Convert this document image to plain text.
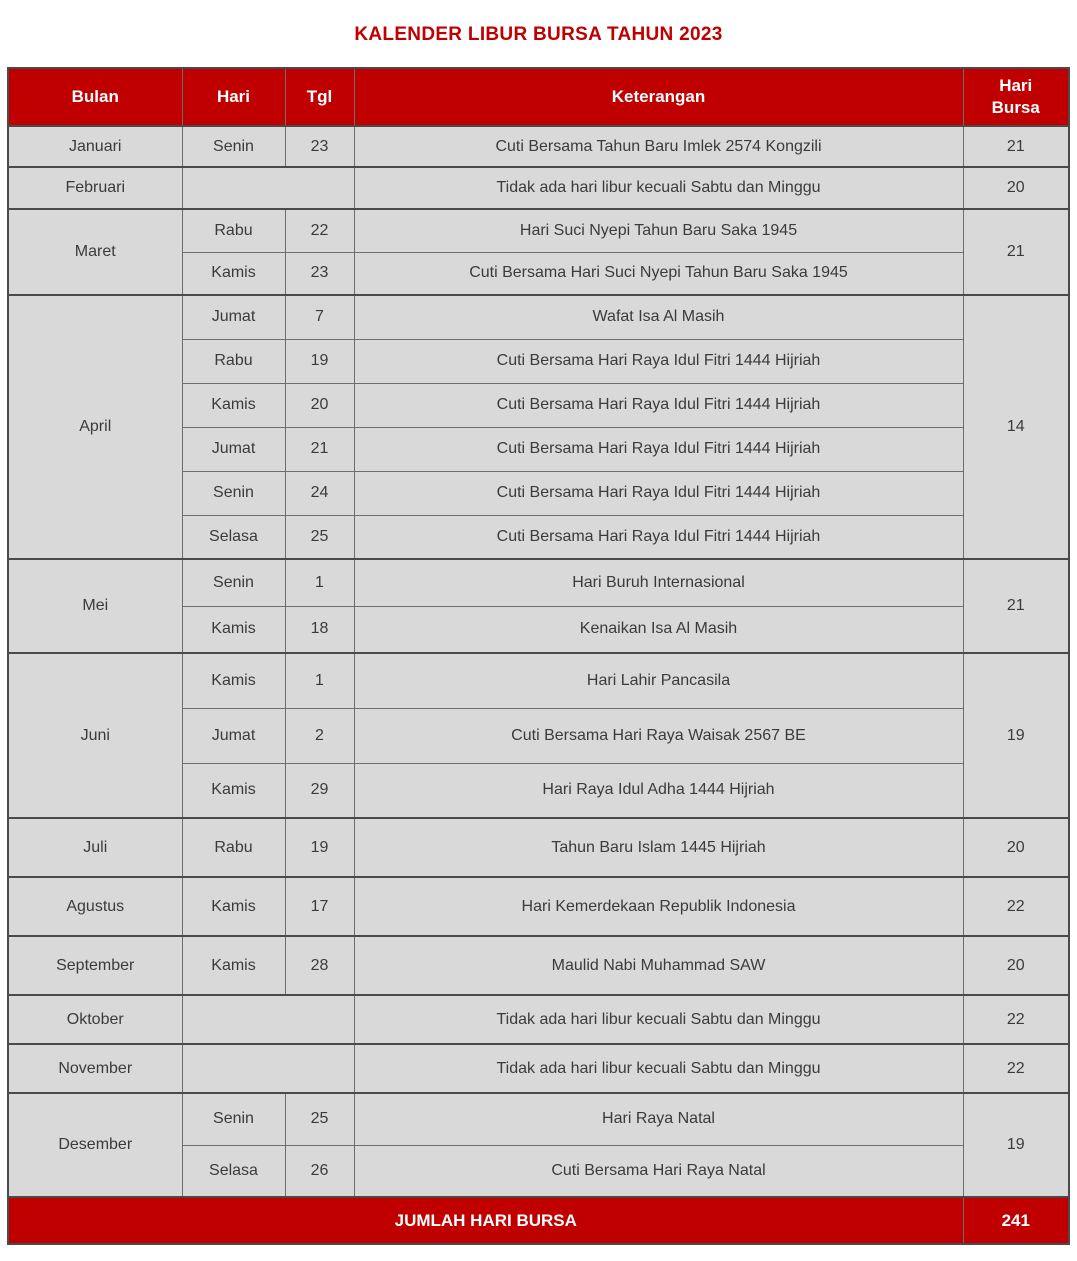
KALENDER LIBUR BURSA TAHUN 2023
Bulan	Hari	Tgl	Keterangan	Hari Bursa
Januari	Senin	23	Cuti Bersama Tahun Baru Imlek 2574 Kongzili	21
Februari			Tidak ada hari libur kecuali Sabtu dan Minggu	20
Maret	Rabu	22	Hari Suci Nyepi Tahun Baru Saka 1945	21
	Kamis	23	Cuti Bersama Hari Suci Nyepi Tahun Baru Saka 1945	
April	Jumat	7	Wafat Isa Al Masih	14
	Rabu	19	Cuti Bersama Hari Raya Idul Fitri 1444 Hijriah	
	Kamis	20	Cuti Bersama Hari Raya Idul Fitri 1444 Hijriah	
	Jumat	21	Cuti Bersama Hari Raya Idul Fitri 1444 Hijriah	
	Senin	24	Cuti Bersama Hari Raya Idul Fitri 1444 Hijriah	
	Selasa	25	Cuti Bersama Hari Raya Idul Fitri 1444 Hijriah	
Mei	Senin	1	Hari Buruh Internasional	21
	Kamis	18	Kenaikan Isa Al Masih	
Juni	Kamis	1	Hari Lahir Pancasila	19
	Jumat	2	Cuti Bersama Hari Raya Waisak 2567 BE	
	Kamis	29	Hari Raya Idul Adha 1444 Hijriah	
Juli	Rabu	19	Tahun Baru Islam 1445 Hijriah	20
Agustus	Kamis	17	Hari Kemerdekaan Republik Indonesia	22
September	Kamis	28	Maulid Nabi Muhammad SAW	20
Oktober			Tidak ada hari libur kecuali Sabtu dan Minggu	22
November			Tidak ada hari libur kecuali Sabtu dan Minggu	22
Desember	Senin	25	Hari Raya Natal	19
	Selasa	26	Cuti Bersama Hari Raya Natal	
JUMLAH HARI BURSA				241
